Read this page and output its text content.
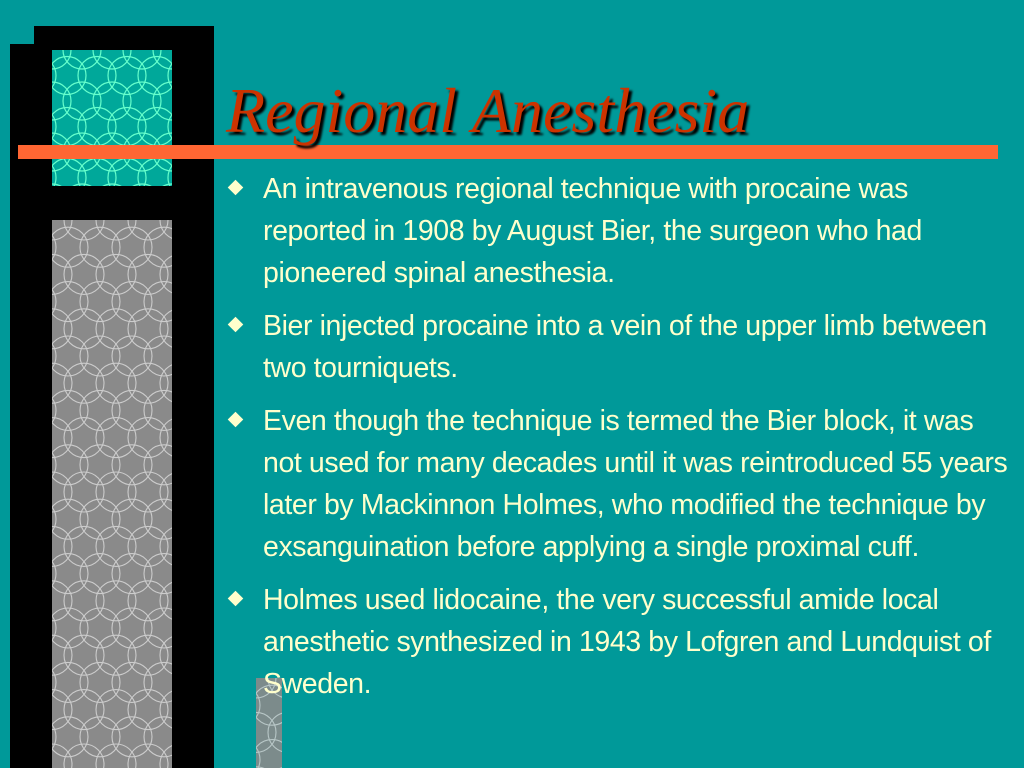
Regional Anesthesia
An intravenous regional technique with procaine was reported in 1908 by August Bier, the surgeon who had pioneered spinal anesthesia.
Bier injected procaine into a vein of the upper limb between two tourniquets.
Even though the technique is termed the Bier block, it was not used for many decades until it was reintroduced 55 years later by Mackinnon Holmes, who modified the technique by exsanguination before applying a single proximal cuff.
Holmes used lidocaine, the very successful amide local anesthetic synthesized in 1943 by Lofgren and Lundquist of Sweden.
